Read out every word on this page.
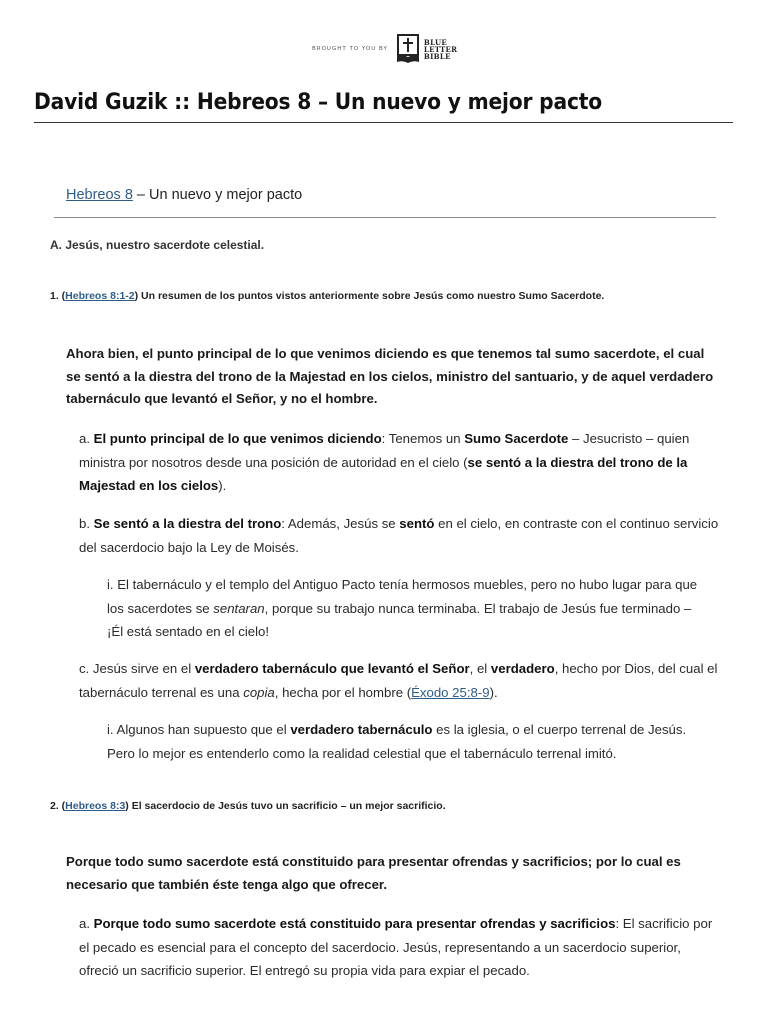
BROUGHT TO YOU BY
BLUE
LETTER
BIBLE
David Guzik :: Hebreos 8 – Un nuevo y mejor pacto
Hebreos 8 – Un nuevo y mejor pacto
A. Jesús, nuestro sacerdote celestial.
1. (Hebreos 8:1-2) Un resumen de los puntos vistos anteriormente sobre Jesús como nuestro Sumo Sacerdote.
Ahora bien, el punto principal de lo que venimos diciendo es que tenemos tal sumo sacerdote, el cual se sentó a la diestra del trono de la Majestad en los cielos, ministro del santuario, y de aquel verdadero tabernáculo que levantó el Señor, y no el hombre.
a. El punto principal de lo que venimos diciendo: Tenemos un Sumo Sacerdote – Jesucristo – quien ministra por nosotros desde una posición de autoridad en el cielo (se sentó a la diestra del trono de la Majestad en los cielos).
b. Se sentó a la diestra del trono: Además, Jesús se sentó en el cielo, en contraste con el continuo servicio del sacerdocio bajo la Ley de Moisés.
i. El tabernáculo y el templo del Antiguo Pacto tenía hermosos muebles, pero no hubo lugar para que los sacerdotes se sentaran, porque su trabajo nunca terminaba. El trabajo de Jesús fue terminado – ¡Él está sentado en el cielo!
c. Jesús sirve en el verdadero tabernáculo que levantó el Señor, el verdadero, hecho por Dios, del cual el tabernáculo terrenal es una copia, hecha por el hombre (Éxodo 25:8-9).
i. Algunos han supuesto que el verdadero tabernáculo es la iglesia, o el cuerpo terrenal de Jesús. Pero lo mejor es entenderlo como la realidad celestial que el tabernáculo terrenal imitó.
2. (Hebreos 8:3) El sacerdocio de Jesús tuvo un sacrificio – un mejor sacrificio.
Porque todo sumo sacerdote está constituido para presentar ofrendas y sacrificios; por lo cual es necesario que también éste tenga algo que ofrecer.
a. Porque todo sumo sacerdote está constituido para presentar ofrendas y sacrificios: El sacrificio por el pecado es esencial para el concepto del sacerdocio. Jesús, representando a un sacerdocio superior, ofreció un sacrificio superior. El entregó su propia vida para expiar el pecado.
